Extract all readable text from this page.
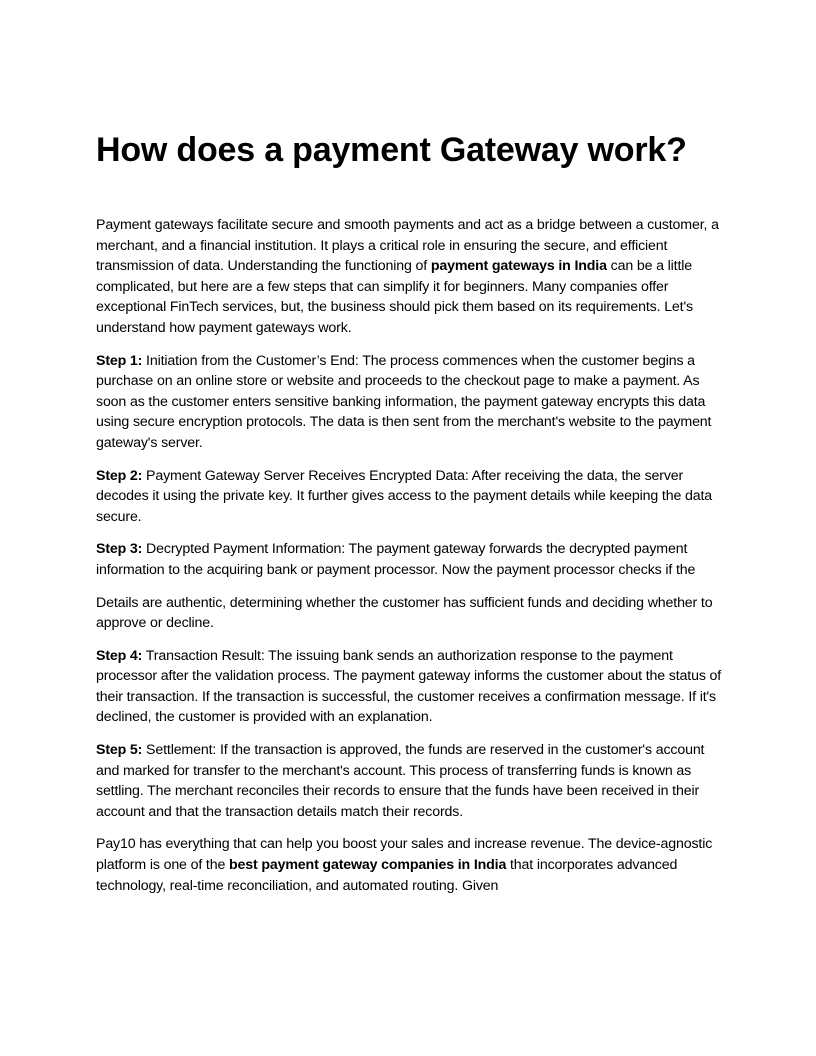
How does a payment Gateway work?

Payment gateways facilitate secure and smooth payments and act as a bridge between a customer, a merchant, and a financial institution. It plays a critical role in ensuring the secure, and efficient transmission of data. Understanding the functioning of payment gateways in India can be a little complicated, but here are a few steps that can simplify it for beginners. Many companies offer exceptional FinTech services, but, the business should pick them based on its requirements. Let's understand how payment gateways work.

Step 1: Initiation from the Customer’s End: The process commences when the customer begins a purchase on an online store or website and proceeds to the checkout page to make a payment. As soon as the customer enters sensitive banking information, the payment gateway encrypts this data using secure encryption protocols. The data is then sent from the merchant's website to the payment gateway's server.

Step 2: Payment Gateway Server Receives Encrypted Data: After receiving the data, the server decodes it using the private key. It further gives access to the payment details while keeping the data secure.

Step 3: Decrypted Payment Information: The payment gateway forwards the decrypted payment information to the acquiring bank or payment processor. Now the payment processor checks if the

Details are authentic, determining whether the customer has sufficient funds and deciding whether to approve or decline.

Step 4: Transaction Result: The issuing bank sends an authorization response to the payment processor after the validation process. The payment gateway informs the customer about the status of their transaction. If the transaction is successful, the customer receives a confirmation message. If it's declined, the customer is provided with an explanation.

Step 5: Settlement: If the transaction is approved, the funds are reserved in the customer's account and marked for transfer to the merchant's account. This process of transferring funds is known as settling. The merchant reconciles their records to ensure that the funds have been received in their account and that the transaction details match their records.

Pay10 has everything that can help you boost your sales and increase revenue. The device-agnostic platform is one of the best payment gateway companies in India that incorporates advanced technology, real-time reconciliation, and automated routing. Given
